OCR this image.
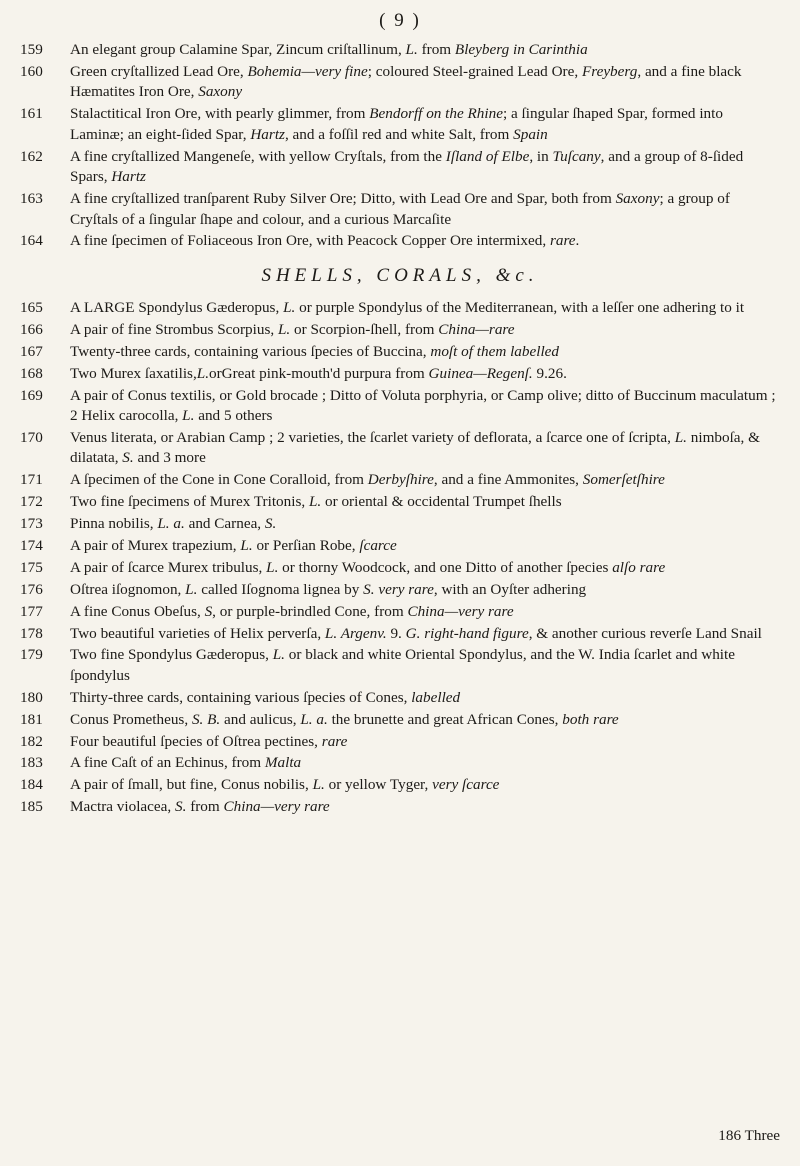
( 9 )
159	An elegant group Calamine Spar, Zincum criſtallinum, L. from Bleyberg in Carinthia
160	Green cryſtallized Lead Ore, Bohemia—very fine; coloured Steel-grained Lead Ore, Freyberg, and a fine black Hæmatites Iron Ore, Saxony
161	Stalactitical Iron Ore, with pearly glimmer, from Bendorff on the Rhine; a ſingular ſhaped Spar, formed into Laminæ; an eight-ſided Spar, Hartz, and a foſſil red and white Salt, from Spain
162	A fine cryſtallized Mangeneſe, with yellow Cryſtals, from the Iſland of Elbe, in Tuſcany, and a group of 8-ſided Spars, Hartz
163	A fine cryſtallized tranſparent Ruby Silver Ore; Ditto, with Lead Ore and Spar, both from Saxony; a group of Cryſtals of a ſingular ſhape and colour, and a curious Marcaſite
164	A fine ſpecimen of Foliaceous Iron Ore, with Peacock Copper Ore intermixed, rare.
SHELLS, CORALS, &c.
165	A LARGE Spondylus Gæderopus, L. or purple Spondylus of the Mediterranean, with a leſſer one adhering to it
166	A pair of fine Strombus Scorpius, L. or Scorpion-ſhell, from China—rare
167	Twenty-three cards, containing various ſpecies of Buccina, moſt of them labelled
168	Two Murex ſaxatilis,L.orGreat pink-mouth'd purpura from Guinea—Regenſ. 9.26.
169	A pair of Conus textilis, or Gold brocade ; Ditto of Voluta porphyria, or Camp olive; ditto of Buccinum maculatum ; 2 Helix carocolla, L. and 5 others
170	Venus literata, or Arabian Camp ; 2 varieties, the ſcarlet variety of deflorata, a ſcarce one of ſcripta, L. nimboſa, & dilatata, S. and 3 more
171	A ſpecimen of the Cone in Cone Coralloid, from Derbyſhire, and a fine Ammonites, Somerſetſhire
172	Two fine ſpecimens of Murex Tritonis, L. or oriental & occidental Trumpet ſhells
173	Pinna nobilis, L. a. and Carnea, S.
174	A pair of Murex trapezium, L. or Perſian Robe, ſcarce
175	A pair of ſcarce Murex tribulus, L. or thorny Woodcock, and one Ditto of another ſpecies alſo rare
176	Oſtrea iſognomon, L. called Iſognoma lignea by S. very rare, with an Oyſter adhering
177	A fine Conus Obeſus, S, or purple-brindled Cone, from China—very rare
178	Two beautiful varieties of Helix perverſa, L. Argenv. 9. G. right-hand figure, & another curious reverſe Land Snail
179	Two fine Spondylus Gæderopus, L. or black and white Oriental Spondylus, and the W. India ſcarlet and white ſpondylus
180	Thirty-three cards, containing various ſpecies of Cones, labelled
181	Conus Prometheus, S. B. and aulicus, L. a. the brunette and great African Cones, both rare
182	Four beautiful ſpecies of Oſtrea pectines, rare
183	A fine Caſt of an Echinus, from Malta
184	A pair of ſmall, but fine, Conus nobilis, L. or yellow Tyger, very ſcarce
185	Mactra violacea, S. from China—very rare
186 Three
